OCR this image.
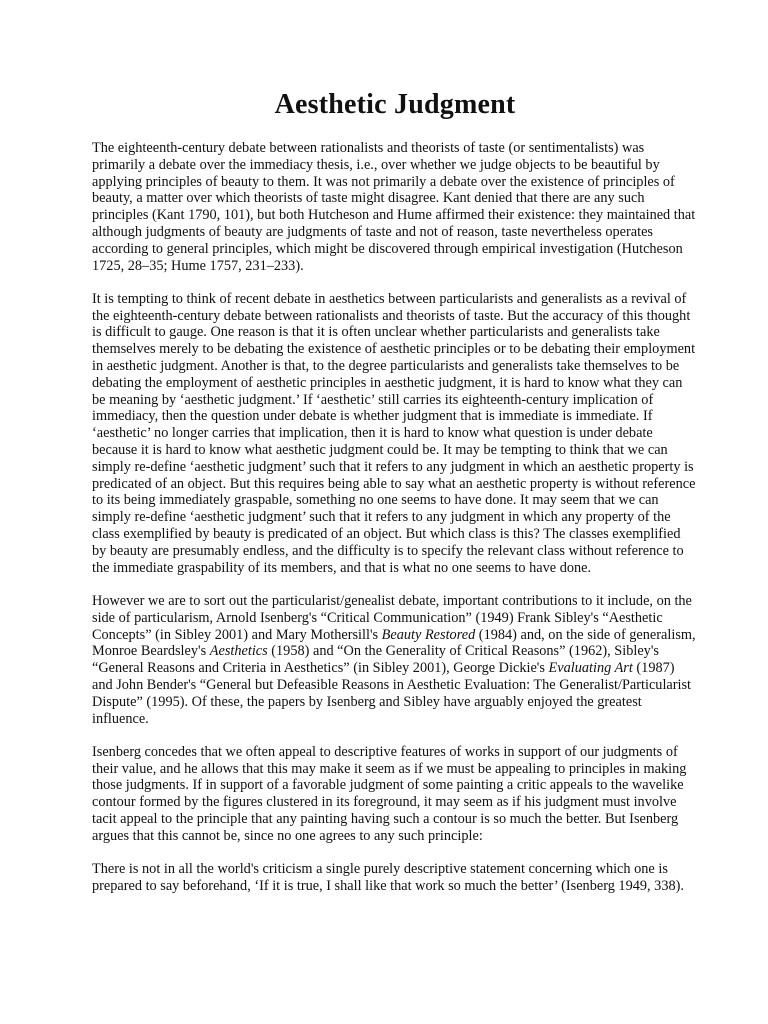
Aesthetic Judgment

The eighteenth-century debate between rationalists and theorists of taste (or sentimentalists) was primarily a debate over the immediacy thesis, i.e., over whether we judge objects to be beautiful by applying principles of beauty to them. It was not primarily a debate over the existence of principles of beauty, a matter over which theorists of taste might disagree. Kant denied that there are any such principles (Kant 1790, 101), but both Hutcheson and Hume affirmed their existence: they maintained that although judgments of beauty are judgments of taste and not of reason, taste nevertheless operates according to general principles, which might be discovered through empirical investigation (Hutcheson 1725, 28–35; Hume 1757, 231–233).

It is tempting to think of recent debate in aesthetics between particularists and generalists as a revival of the eighteenth-century debate between rationalists and theorists of taste. But the accuracy of this thought is difficult to gauge. One reason is that it is often unclear whether particularists and generalists take themselves merely to be debating the existence of aesthetic principles or to be debating their employment in aesthetic judgment. Another is that, to the degree particularists and generalists take themselves to be debating the employment of aesthetic principles in aesthetic judgment, it is hard to know what they can be meaning by ‘aesthetic judgment.’ If ‘aesthetic’ still carries its eighteenth-century implication of immediacy, then the question under debate is whether judgment that is immediate is immediate. If ‘aesthetic’ no longer carries that implication, then it is hard to know what question is under debate because it is hard to know what aesthetic judgment could be. It may be tempting to think that we can simply re-define ‘aesthetic judgment’ such that it refers to any judgment in which an aesthetic property is predicated of an object. But this requires being able to say what an aesthetic property is without reference to its being immediately graspable, something no one seems to have done. It may seem that we can simply re-define ‘aesthetic judgment’ such that it refers to any judgment in which any property of the class exemplified by beauty is predicated of an object. But which class is this? The classes exemplified by beauty are presumably endless, and the difficulty is to specify the relevant class without reference to the immediate graspability of its members, and that is what no one seems to have done.

However we are to sort out the particularist/genealist debate, important contributions to it include, on the side of particularism, Arnold Isenberg's “Critical Communication” (1949) Frank Sibley's “Aesthetic Concepts” (in Sibley 2001) and Mary Mothersill's Beauty Restored (1984) and, on the side of generalism, Monroe Beardsley's Aesthetics (1958) and “On the Generality of Critical Reasons” (1962), Sibley's “General Reasons and Criteria in Aesthetics” (in Sibley 2001), George Dickie's Evaluating Art (1987) and John Bender's “General but Defeasible Reasons in Aesthetic Evaluation: The Generalist/Particularist Dispute” (1995). Of these, the papers by Isenberg and Sibley have arguably enjoyed the greatest influence.

Isenberg concedes that we often appeal to descriptive features of works in support of our judgments of their value, and he allows that this may make it seem as if we must be appealing to principles in making those judgments. If in support of a favorable judgment of some painting a critic appeals to the wavelike contour formed by the figures clustered in its foreground, it may seem as if his judgment must involve tacit appeal to the principle that any painting having such a contour is so much the better. But Isenberg argues that this cannot be, since no one agrees to any such principle:

There is not in all the world's criticism a single purely descriptive statement concerning which one is prepared to say beforehand, ‘If it is true, I shall like that work so much the better’ (Isenberg 1949, 338).
